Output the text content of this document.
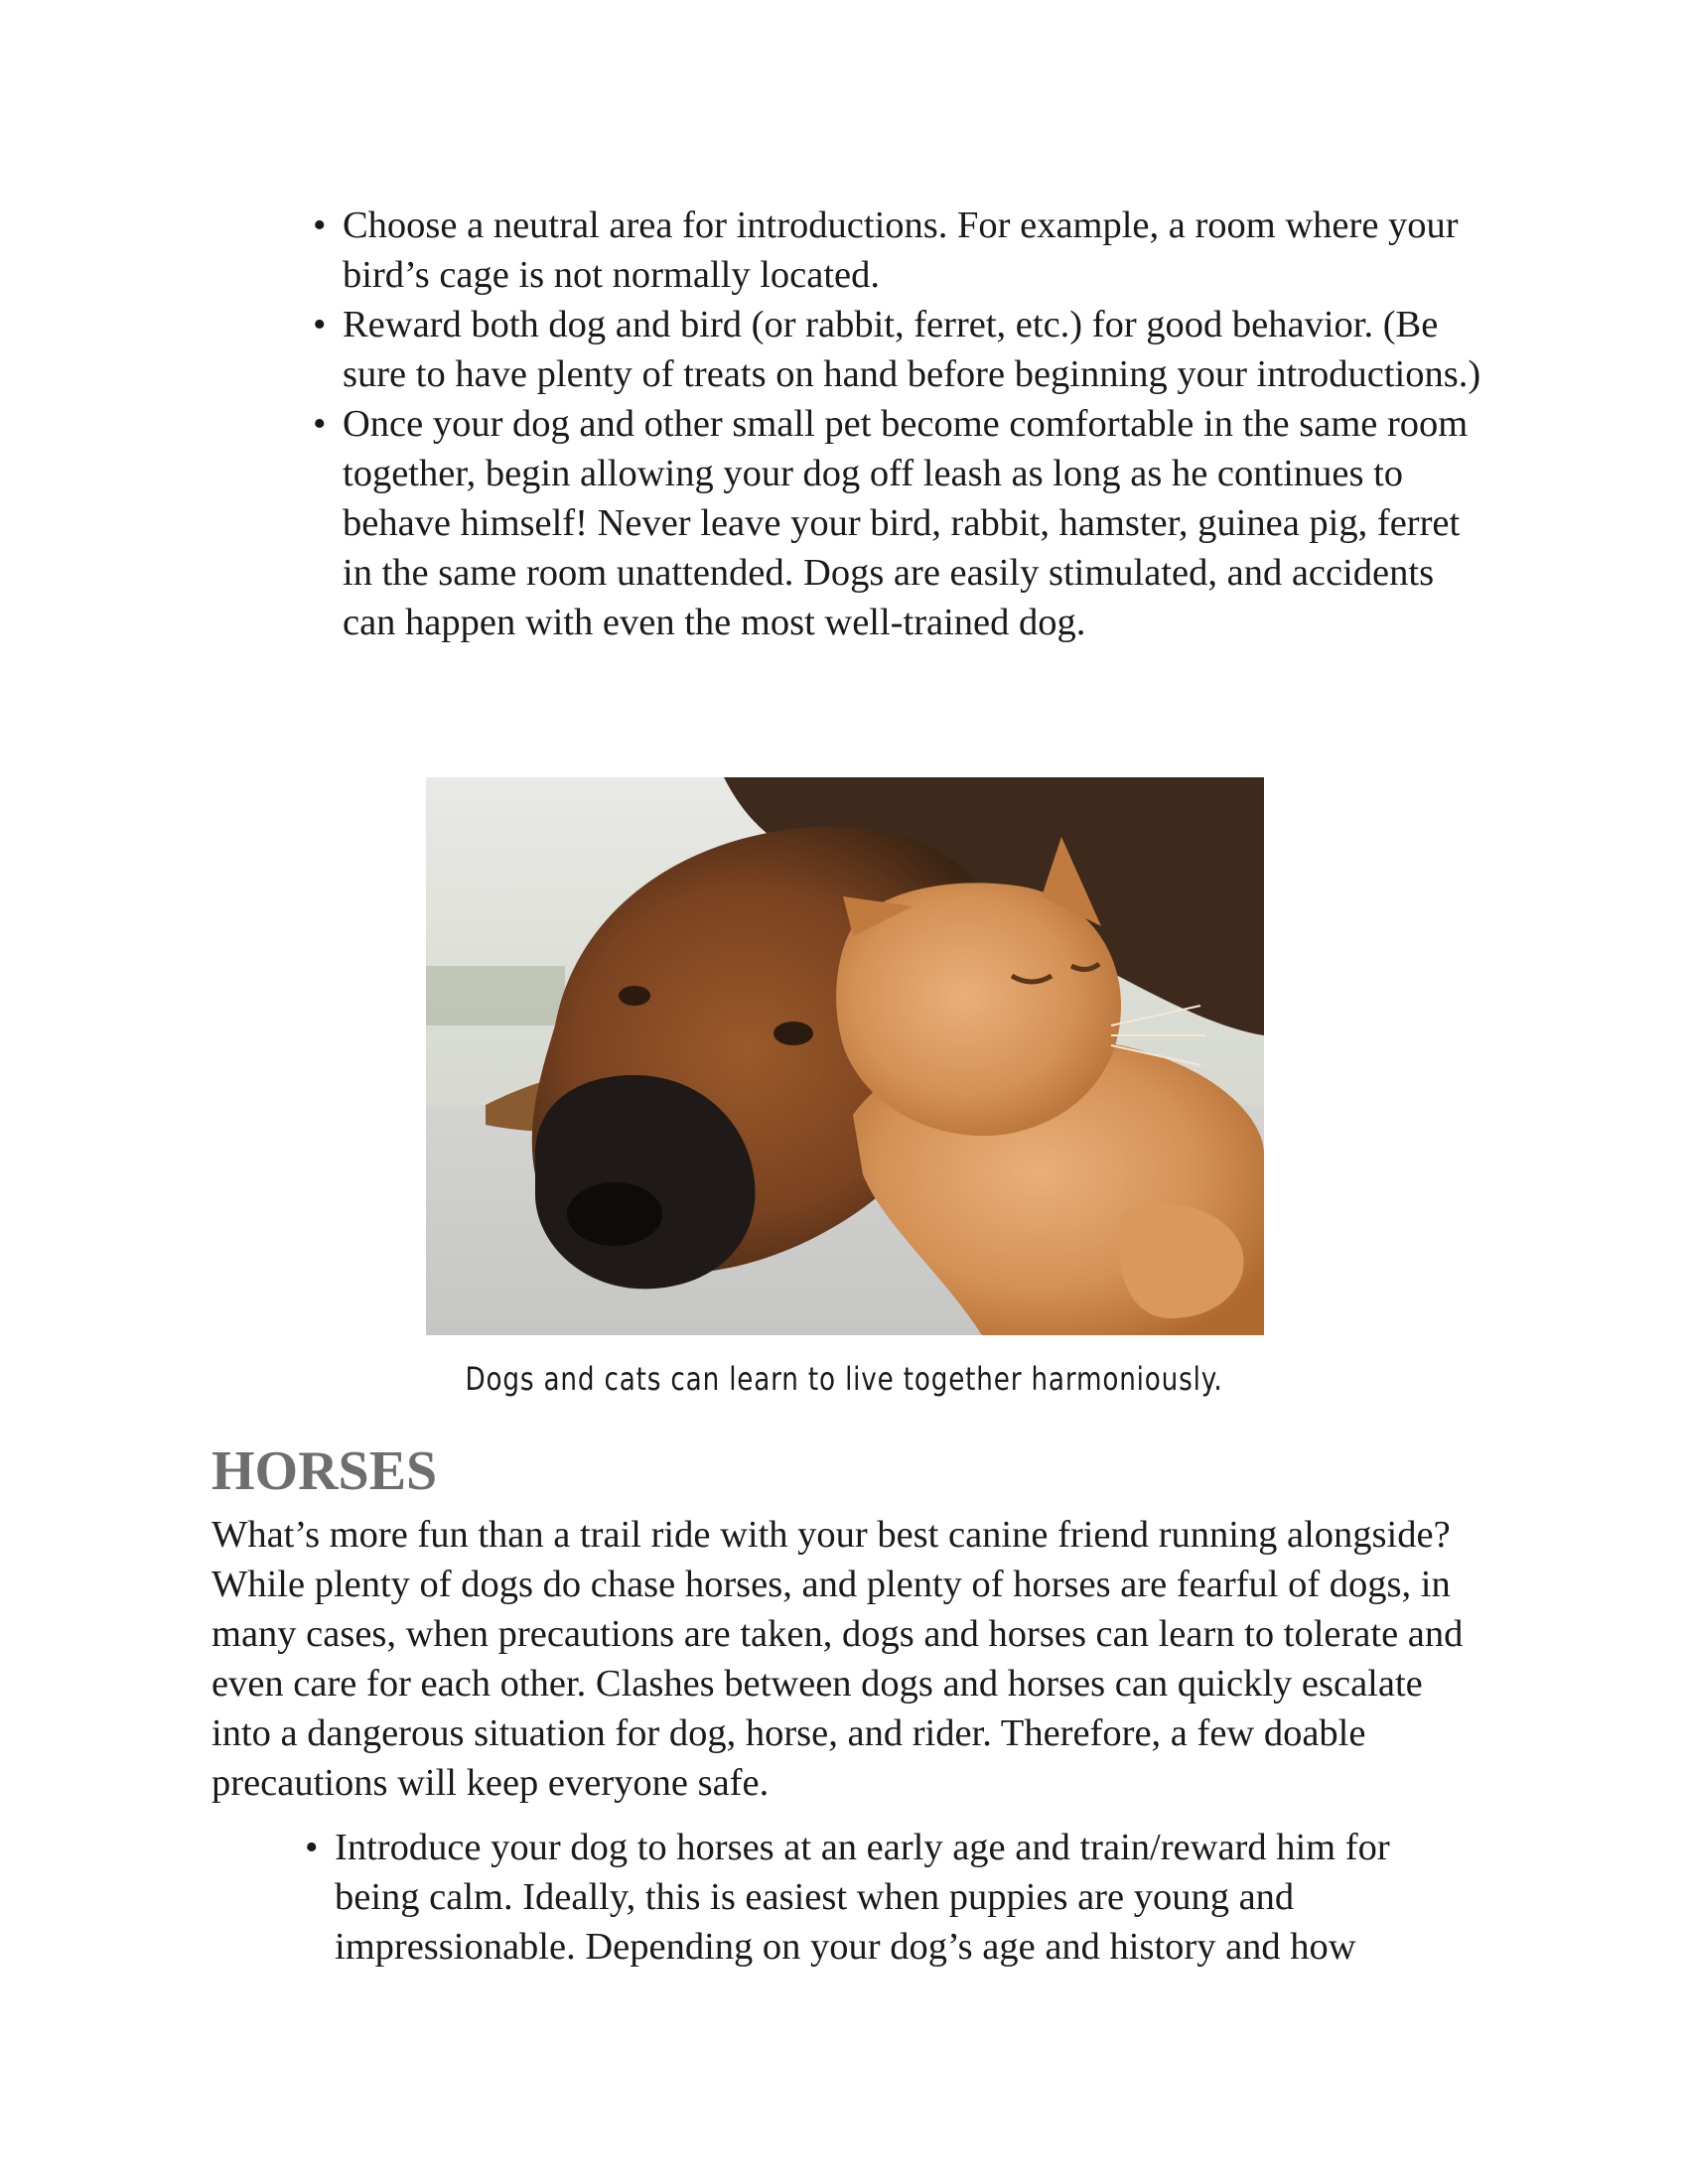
• Choose a neutral area for introductions. For example, a room where your bird’s cage is not normally located.
• Reward both dog and bird (or rabbit, ferret, etc.) for good behavior. (Be sure to have plenty of treats on hand before beginning your introductions.)
• Once your dog and other small pet become comfortable in the same room together, begin allowing your dog off leash as long as he continues to behave himself! Never leave your bird, rabbit, hamster, guinea pig, ferret in the same room unattended. Dogs are easily stimulated, and accidents can happen with even the most well-trained dog.
Dogs and cats can learn to live together harmoniously.
HORSES

What’s more fun than a trail ride with your best canine friend running alongside? While plenty of dogs do chase horses, and plenty of horses are fearful of dogs, in many cases, when precautions are taken, dogs and horses can learn to tolerate and even care for each other. Clashes between dogs and horses can quickly escalate into a dangerous situation for dog, horse, and rider. Therefore, a few doable precautions will keep everyone safe.

• Introduce your dog to horses at an early age and train/reward him for being calm. Ideally, this is easiest when puppies are young and impressionable. Depending on your dog’s age and history and how
